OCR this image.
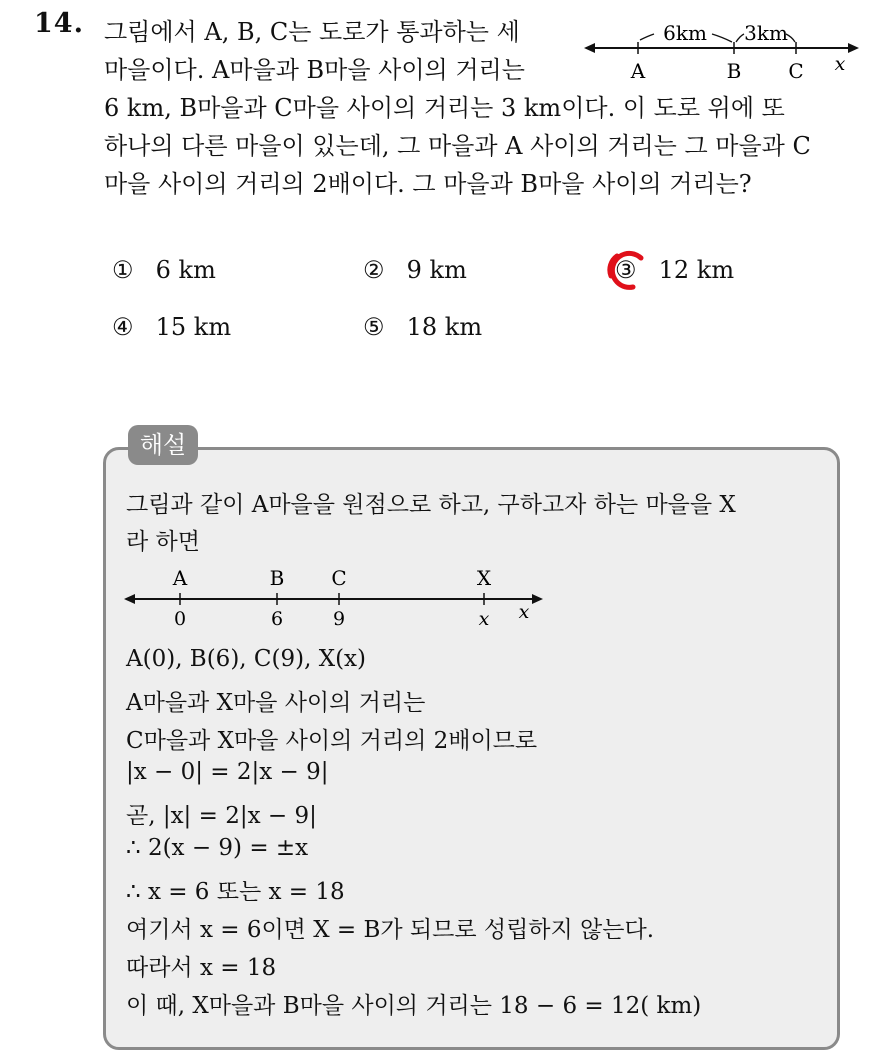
14. 그림에서 A, B, C는 도로가 통과하는 세
마을이다. A마을과 B마을 사이의 거리는
6 km, B마을과 C마을 사이의 거리는 3 km이다. 이 도로 위에 또
하나의 다른 마을이 있는데, 그 마을과 A 사이의 거리는 그 마을과 C
마을 사이의 거리의 2배이다. 그 마을과 B마을 사이의 거리는?
6km 3km
A	B C x
① 6 km	② 9 km	③ 12 km
④ 15 km	⑤ 18 km
해설
그림과 같이 A마을을 원점으로 하고, 구하고자 하는 마을을 X
라 하면
A	B C	X
0	6	9	x x
A(0), B(6), C(9), X(x)
A마을과 X마을 사이의 거리는
C마을과 X마을 사이의 거리의 2배이므로
|x − 0| = 2|x − 9|
곧, |x| = 2|x − 9|
∴ 2(x − 9) = ±x
∴ x = 6 또는 x = 18
여기서 x = 6이면 X = B가 되므로 성립하지 않는다.
따라서 x = 18
이 때, X마을과 B마을 사이의 거리는 18 − 6 = 12( km)
